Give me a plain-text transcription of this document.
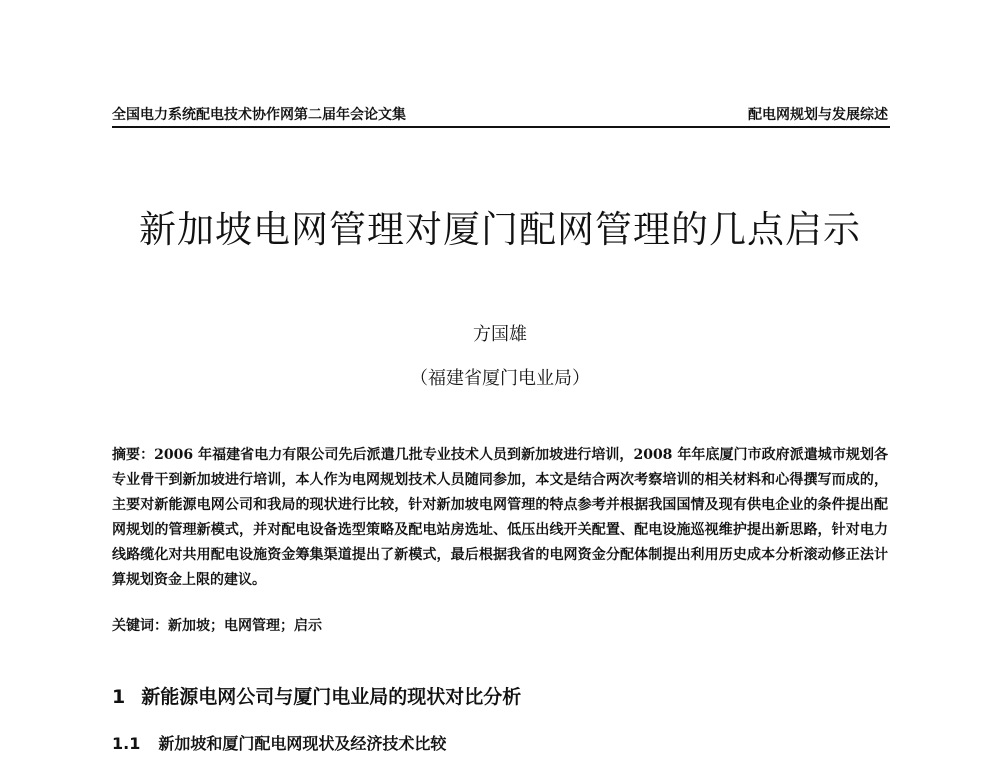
全国电力系统配电技术协作网第二届年会论文集	配电网规划与发展综述
新加坡电网管理对厦门配网管理的几点启示
方国雄
（福建省厦门电业局）
摘要：2006 年福建省电力有限公司先后派遣几批专业技术人员到新加坡进行培训，2008 年年底厦门市政府派遣城市规划各专业骨干到新加坡进行培训，本人作为电网规划技术人员随同参加，本文是结合两次考察培训的相关材料和心得撰写而成的，主要对新能源电网公司和我局的现状进行比较，针对新加坡电网管理的特点参考并根据我国国情及现有供电企业的条件提出配网规划的管理新模式，并对配电设备选型策略及配电站房选址、低压出线开关配置、配电设施巡视维护提出新思路，针对电力线路缆化对共用配电设施资金筹集渠道提出了新模式，最后根据我省的电网资金分配体制提出利用历史成本分析滚动修正法计算规划资金上限的建议。
关键词：新加坡；电网管理；启示
1 新能源电网公司与厦门电业局的现状对比分析
1.1 新加坡和厦门配电网现状及经济技术比较
